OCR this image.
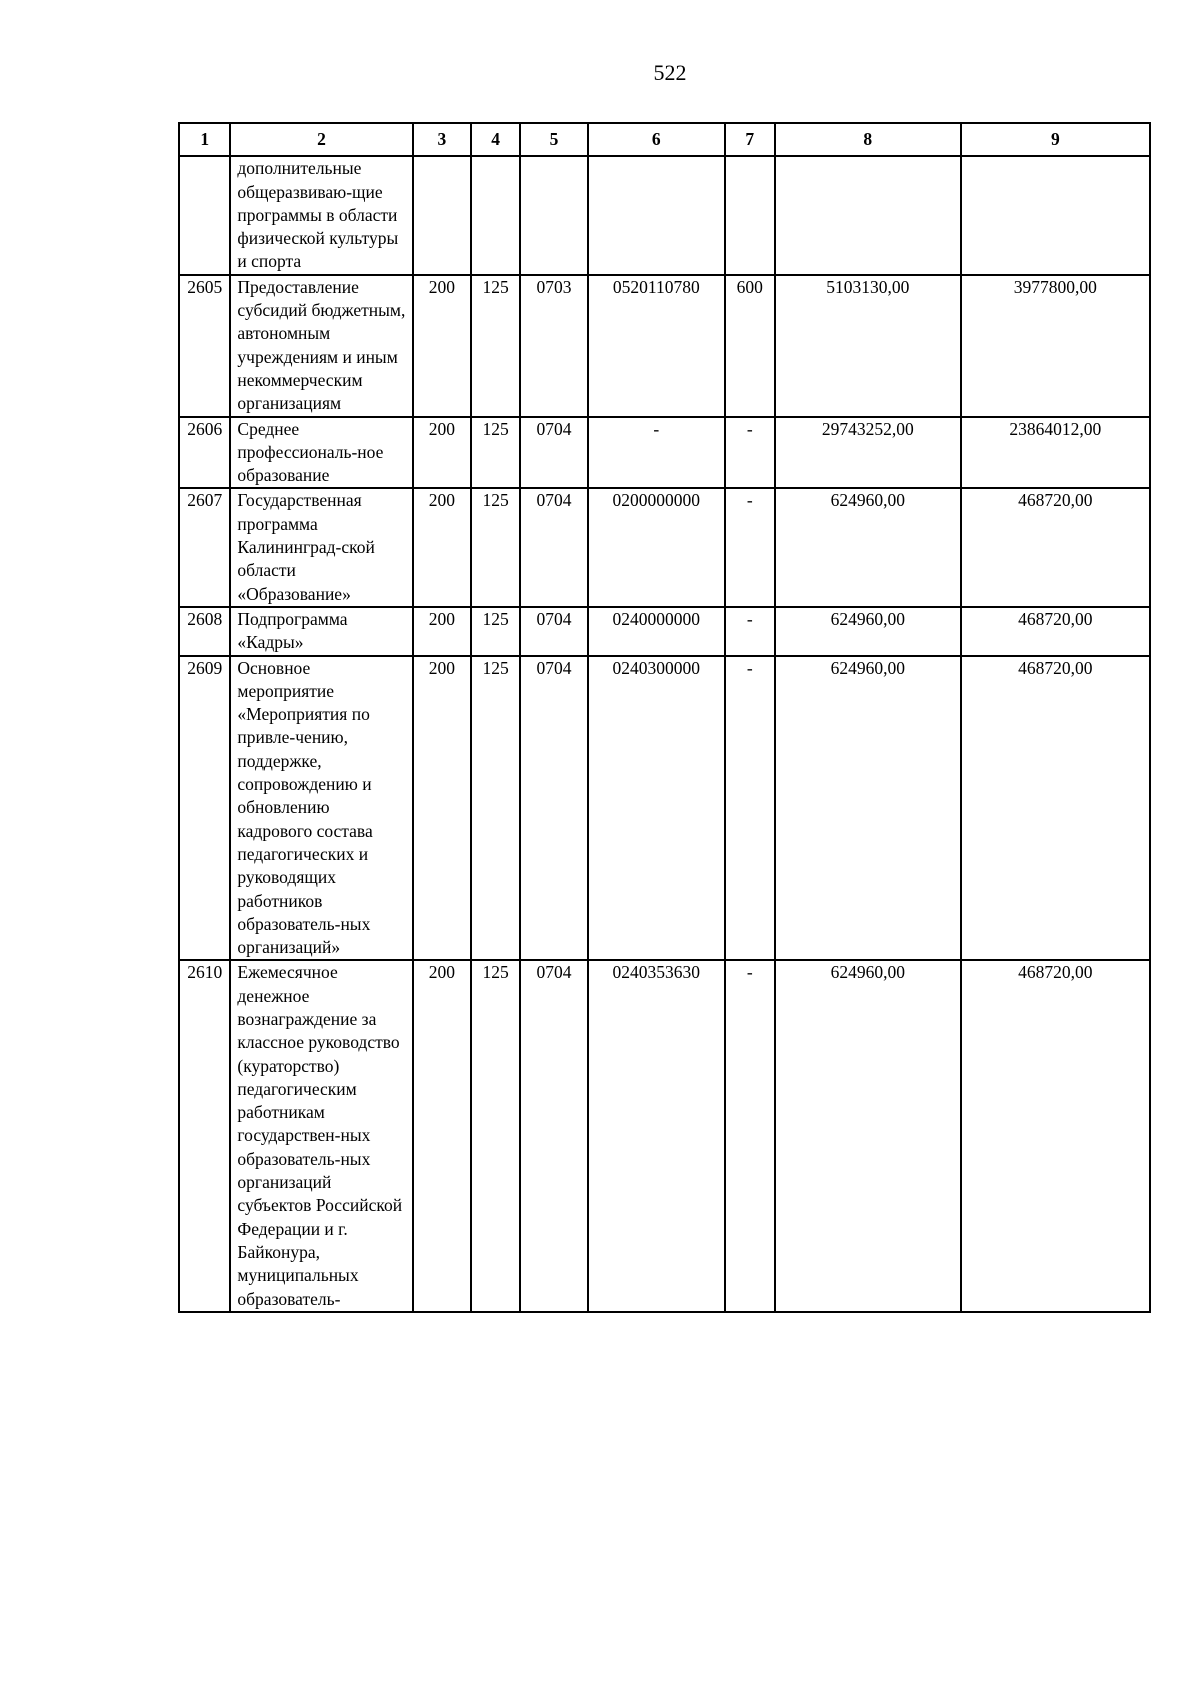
522
1	2	3	4	5	6	7	8	9
	дополнительные общеразвиваю-щие программы в области физической культуры и спорта							
2605	Предоставление субсидий бюджетным, автономным учреждениям и иным некоммерческим организациям	200	125	0703	0520110780	600	5103130,00	3977800,00
2606	Среднее профессиональ-ное образование	200	125	0704	-	-	29743252,00	23864012,00
2607	Государственная программа Калининград-ской области «Образование»	200	125	0704	0200000000	-	624960,00	468720,00
2608	Подпрограмма «Кадры»	200	125	0704	0240000000	-	624960,00	468720,00
2609	Основное мероприятие «Мероприятия по привле-чению, поддержке, сопровождению и обновлению кадрового состава педагогических и руководящих работников образователь-ных организаций»	200	125	0704	0240300000	-	624960,00	468720,00
2610	Ежемесячное денежное вознаграждение за классное руководство (кураторство) педагогическим работникам государствен-ных образователь-ных организаций субъектов Российской Федерации и г. Байконура, муниципальных образователь-	200	125	0704	0240353630	-	624960,00	468720,00
